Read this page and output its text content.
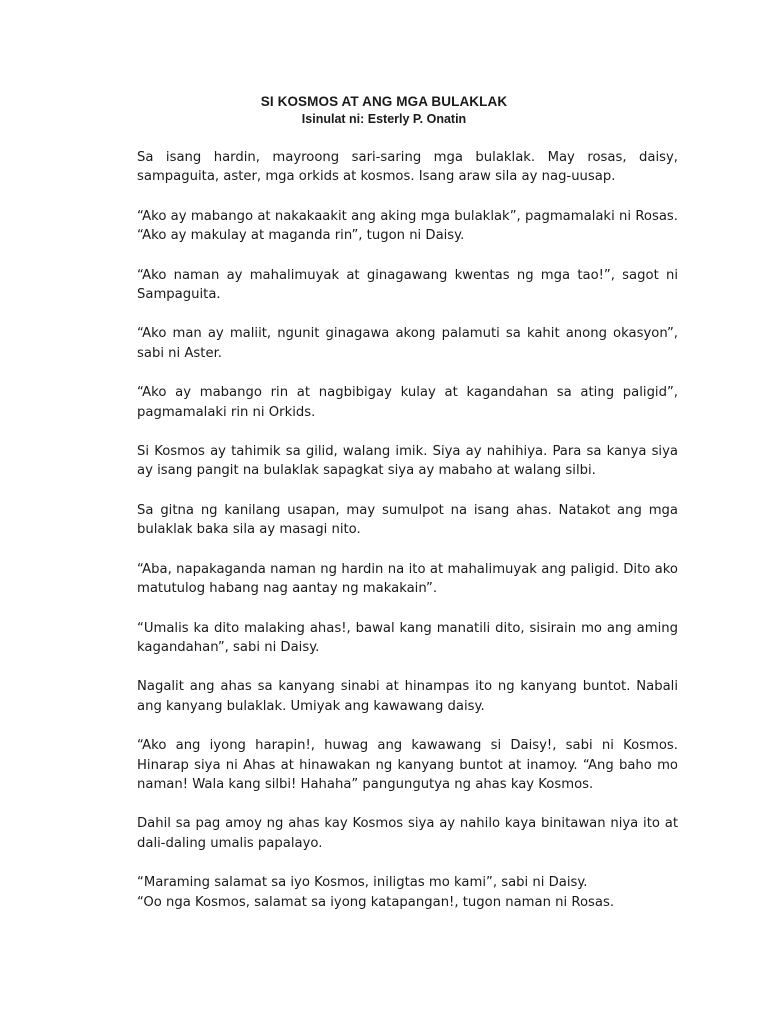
SI KOSMOS AT ANG MGA BULAKLAK
Isinulat ni: Esterly P. Onatin

Sa isang hardin, mayroong sari-saring mga bulaklak. May rosas, daisy, sampaguita, aster, mga orkids at kosmos. Isang araw sila ay nag-uusap.

“Ako ay mabango at nakakaakit ang aking mga bulaklak”, pagmamalaki ni Rosas. “Ako ay makulay at maganda rin”, tugon ni Daisy.

“Ako naman ay mahalimuyak at ginagawang kwentas ng mga tao!”, sagot ni Sampaguita.

“Ako man ay maliit, ngunit ginagawa akong palamuti sa kahit anong okasyon”, sabi ni Aster.

“Ako ay mabango rin at nagbibigay kulay at kagandahan sa ating paligid”, pagmamalaki rin ni Orkids.

Si Kosmos ay tahimik sa gilid, walang imik. Siya ay nahihiya. Para sa kanya siya ay isang pangit na bulaklak sapagkat siya ay mabaho at walang silbi.

Sa gitna ng kanilang usapan, may sumulpot na isang ahas. Natakot ang mga bulaklak baka sila ay masagi nito.

“Aba, napakaganda naman ng hardin na ito at mahalimuyak ang paligid. Dito ako matutulog habang nag aantay ng makakain”.

“Umalis ka dito malaking ahas!, bawal kang manatili dito, sisirain mo ang aming kagandahan”, sabi ni Daisy.

Nagalit ang ahas sa kanyang sinabi at hinampas ito ng kanyang buntot. Nabali ang kanyang bulaklak. Umiyak ang kawawang daisy.

“Ako ang iyong harapin!, huwag ang kawawang si Daisy!, sabi ni Kosmos. Hinarap siya ni Ahas at hinawakan ng kanyang buntot at inamoy. “Ang baho mo naman! Wala kang silbi! Hahaha” pangungutya ng ahas kay Kosmos.

Dahil sa pag amoy ng ahas kay Kosmos siya ay nahilo kaya binitawan niya ito at dali-daling umalis papalayo.

“Maraming salamat sa iyo Kosmos, iniligtas mo kami”, sabi ni Daisy.

“Oo nga Kosmos, salamat sa iyong katapangan!, tugon naman ni Rosas.
